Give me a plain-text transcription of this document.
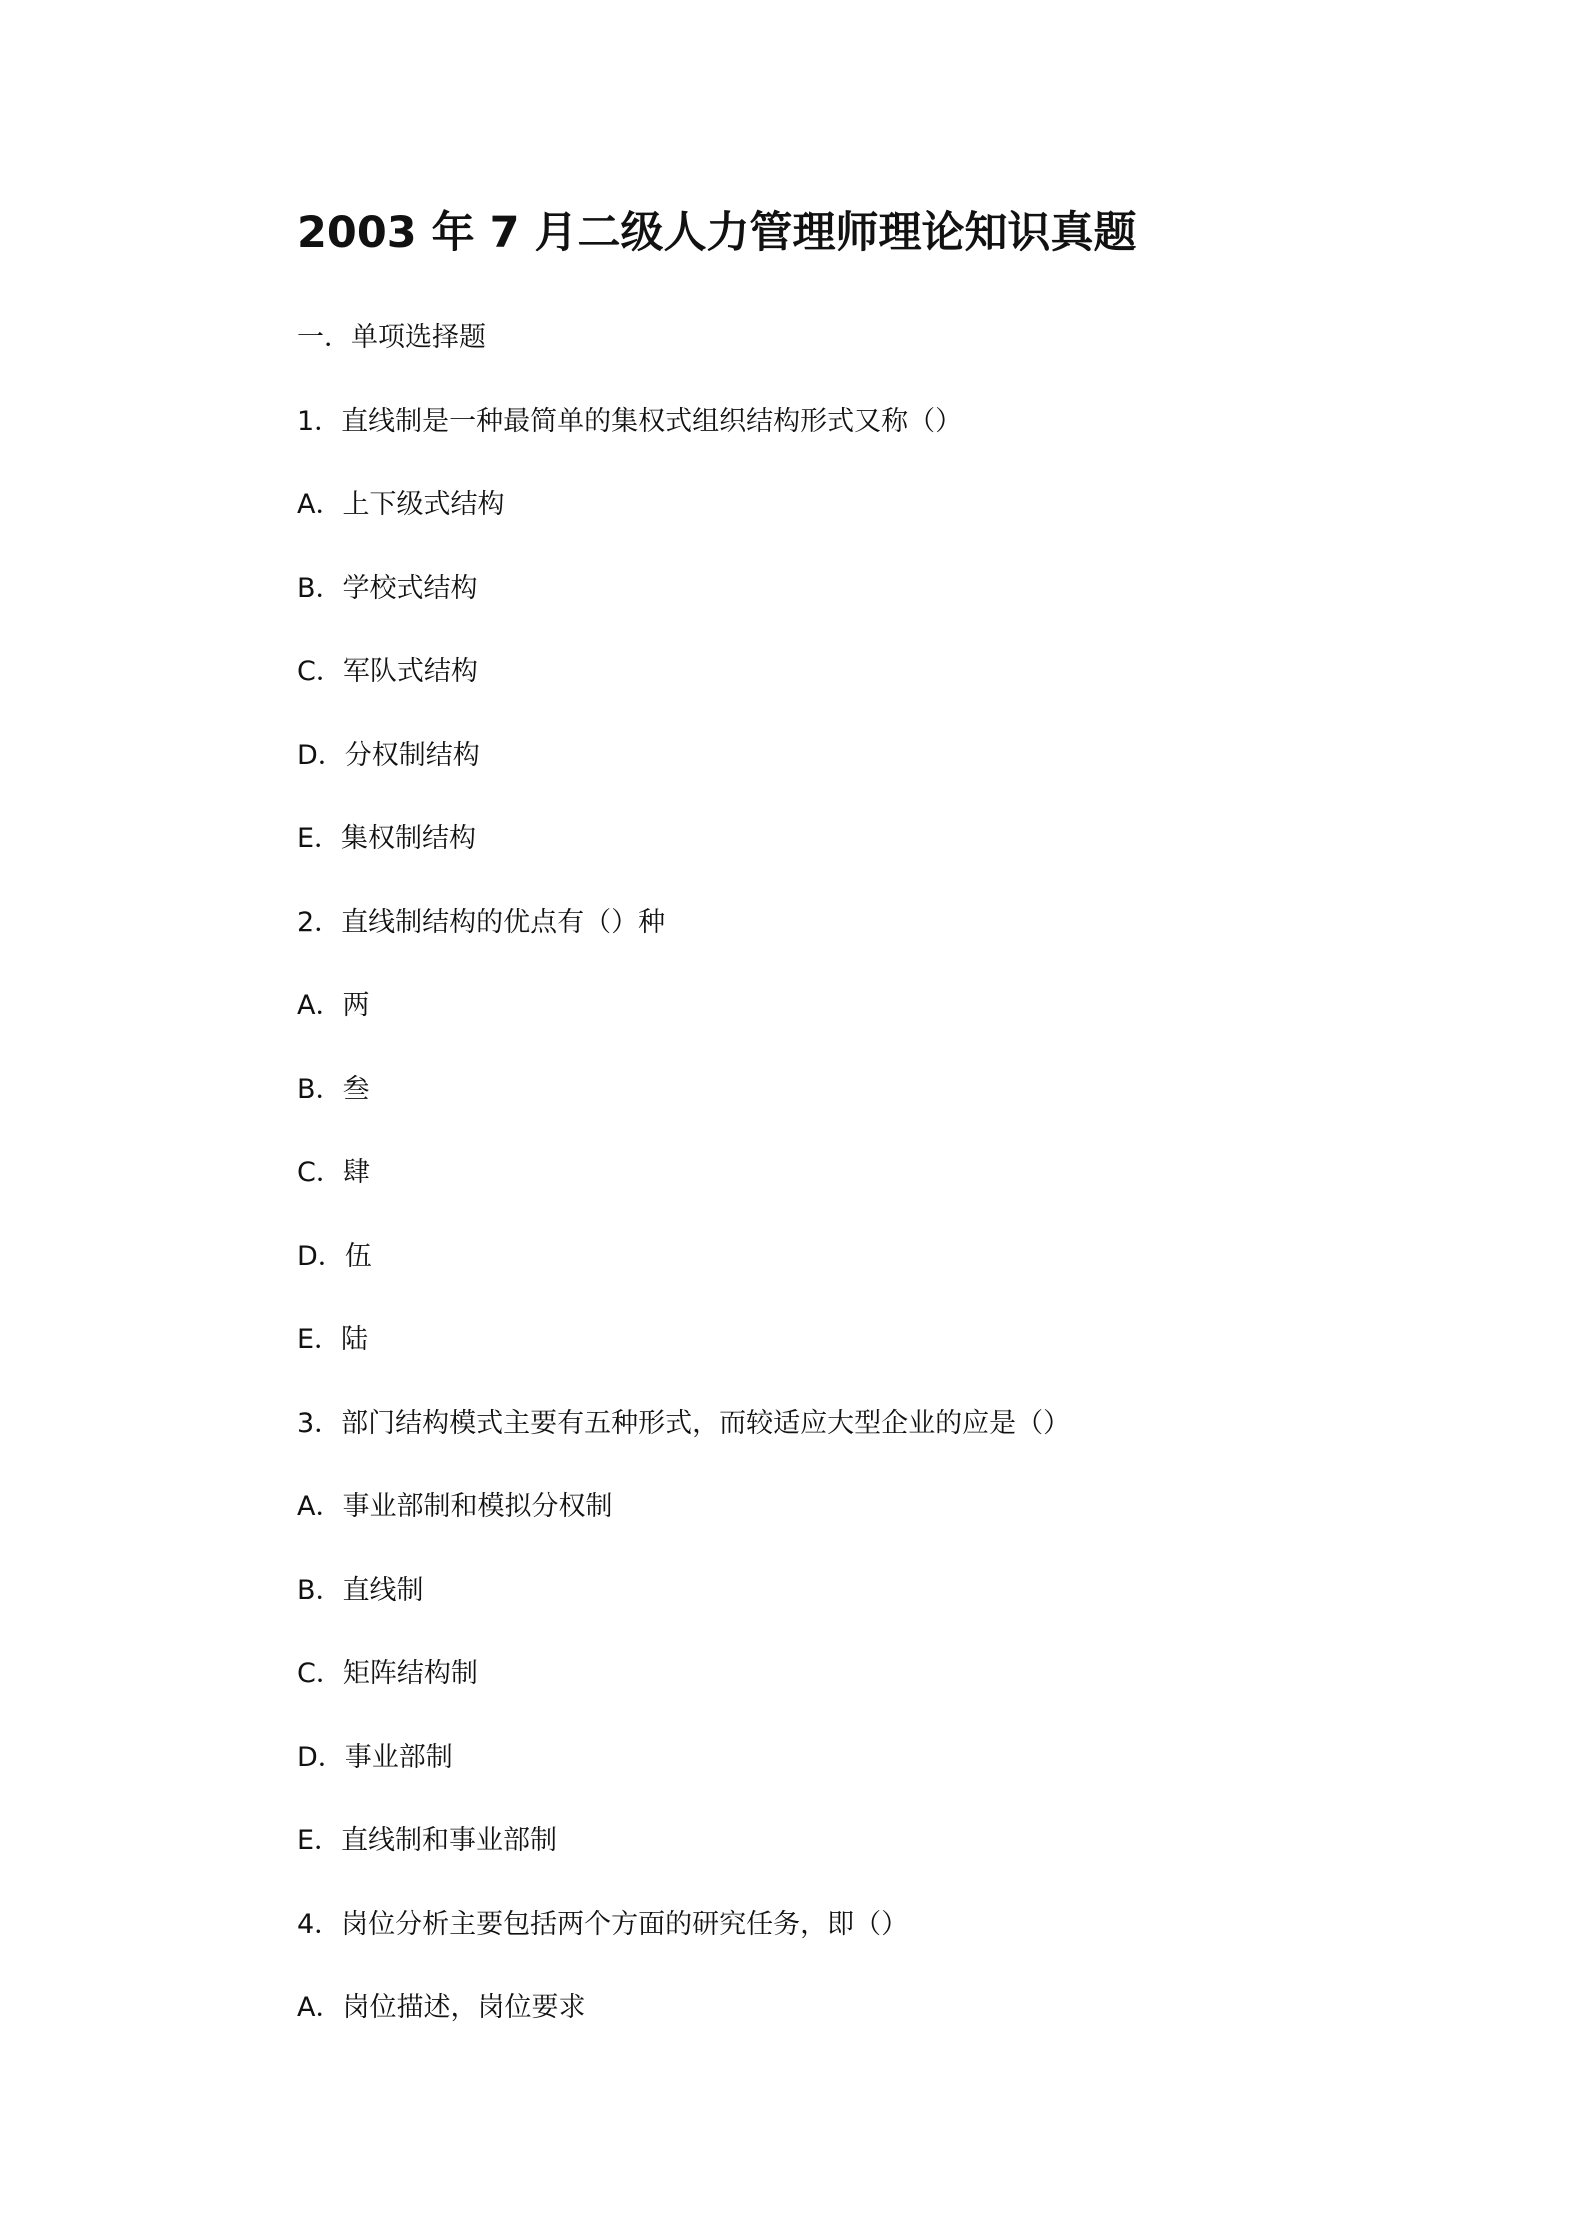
2003 年 7 月二级人力管理师理论知识真题
一．单项选择题
1．直线制是一种最简单的集权式组织结构形式又称（）
A．上下级式结构
B．学校式结构
C．军队式结构
D．分权制结构
E．集权制结构
2．直线制结构的优点有（）种
A．两
B．叁
C．肆
D．伍
E．陆
3．部门结构模式主要有五种形式，而较适应大型企业的应是（）
A．事业部制和模拟分权制
B．直线制
C．矩阵结构制
D．事业部制
E．直线制和事业部制
4．岗位分析主要包括两个方面的研究任务，即（）
A．岗位描述，岗位要求
